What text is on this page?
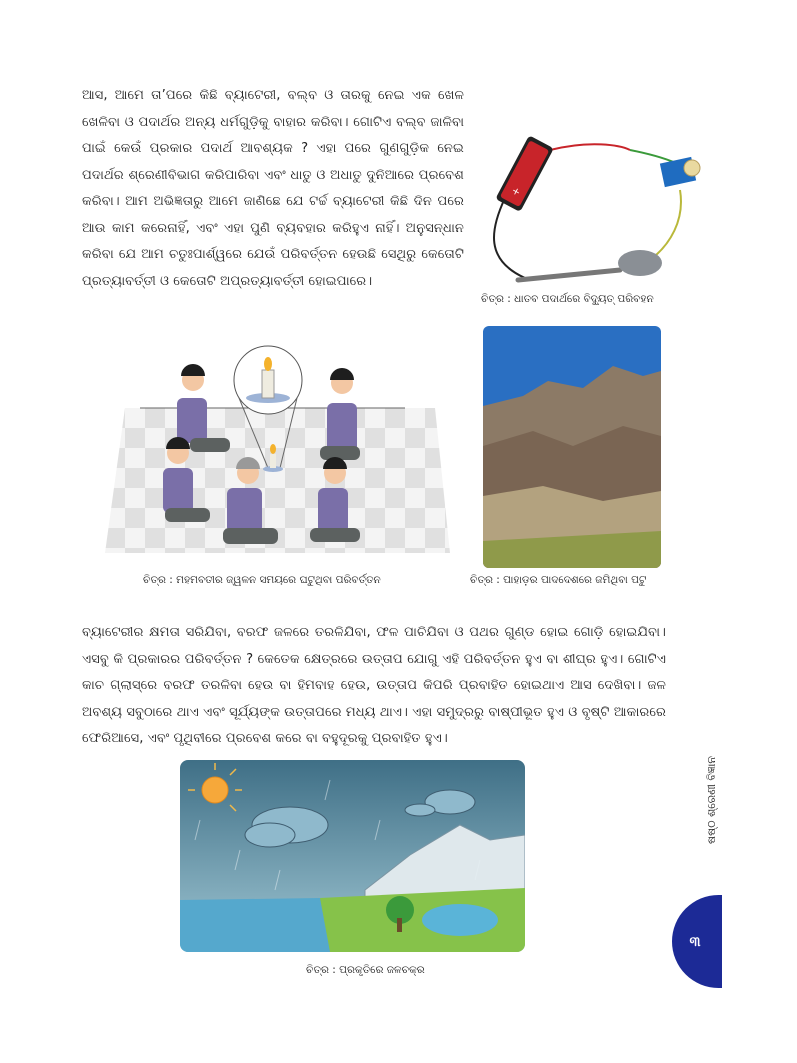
ଆସ, ଆମେ ତା’ପରେ କିଛି ବ୍ୟାଟେରୀ, ବଲ୍‌ବ ଓ ତାରକୁ ନେଇ ଏକ ଖେଳ ଖେଳିବା ଓ ପଦାର୍ଥର ଅନ୍ୟ ଧର୍ମଗୁଡ଼ିକୁ ବାହାର କରିବା। ଗୋଟିଏ ବଲ୍‌ବ ଜାଳିବା ପାଇଁ କେଉଁ ପ୍ରକାର ପଦାର୍ଥ ଆବଶ୍ୟକ ? ଏହା ପରେ ଗୁଣଗୁଡ଼ିକ ନେଇ ପଦାର୍ଥର ଶ୍ରେଣୀବିଭାଗ କରିପାରିବା ଏବଂ ଧାତୁ ଓ ଅଧାତୁ ଦୁନିଆରେ ପ୍ରବେଶ କରିବା। ଆମ ଅଭିଜ୍ଞତାରୁ ଆମେ ଜାଣିଛେ ଯେ ଟର୍ଚ୍ଚ ବ୍ୟାଟେରୀ କିଛି ଦିନ ପରେ ଆଉ କାମ କରେନାହିଁ, ଏବଂ ଏହା ପୁଣି ବ୍ୟବହାର କରିହୁଏ ନାହିଁ। ଅନୁସନ୍ଧାନ କରିବା ଯେ ଆମ ଚତୁଃପାର୍ଶ୍ୱରେ ଯେଉଁ ପରିବର୍ତ୍ତନ ହେଉଛି ସେଥିରୁ କେତୋଟି ପ୍ରତ୍ୟାବର୍ତ୍ତୀ ଓ କେତୋଟି ଅପ୍ରତ୍ୟାବର୍ତ୍ତୀ ହୋଇପାରେ।
+
ଚିତ୍ର : ଧାତବ ପଦାର୍ଥରେ ବିଦ୍ୟୁତ୍ ପରିବହନ
ଚିତ୍ର : ମହମବତୀର ଜ୍ୱଳନ ସମୟରେ ଘଟୁଥିବା ପରିବର୍ତ୍ତନ	ଚିତ୍ର : ପାହାଡ଼ର ପାଦଦେଶରେ ଜମିଥିବା ପଟୁ
ବ୍ୟାଟେରୀର କ୍ଷମତା ସରିଯିବା, ବରଫ ଜଳରେ ତରଳିଯିବା, ଫଳ ପାଚିଯିବା ଓ ପଥର ଗୁଣ୍ଡ ହୋଇ ଗୋଡ଼ି ହୋଇଯିବା। ଏସବୁ କି ପ୍ରକାରର ପରିବର୍ତ୍ତନ ? କେତେକ କ୍ଷେତ୍ରରେ ଉତ୍ତାପ ଯୋଗୁ ଏହି ପରିବର୍ତ୍ତନ ହୁଏ ବା ଶୀଘ୍ର ହୁଏ। ଗୋଟିଏ କାଚ ଗ୍ଲାସ୍‌ରେ ବରଫ ତରଳିବା ହେଉ ବା ହିମବାହ ହେଉ, ଉତ୍ତାପ କିପରି ପ୍ରବାହିତ ହୋଇଥାଏ ଆସ ଦେଖିବା। ଜଳ ଅବଶ୍ୟ ସବୁଠାରେ ଥାଏ ଏବଂ ସୂର୍ଯ୍ୟଙ୍କ ଉତ୍ତାପରେ ମଧ୍ୟ ଥାଏ। ଏହା ସମୁଦ୍ରରୁ ବାଷ୍ପୀଭୂତ ହୁଏ ଓ ବୃଷ୍ଟି ଆକାରରେ ଫେରିଆସେ, ଏବଂ ପୃଥିବୀରେ ପ୍ରବେଶ କରେ ବା ବହୁଦୂରକୁ ପ୍ରବାହିତ ହୁଏ।
ଚିତ୍ର : ପ୍ରକୃତିରେ ଜଳଚକ୍ର
ଷଷ୍ଠ ଶ୍ରେଣୀ ବିଜ୍ଞାନ
୩
